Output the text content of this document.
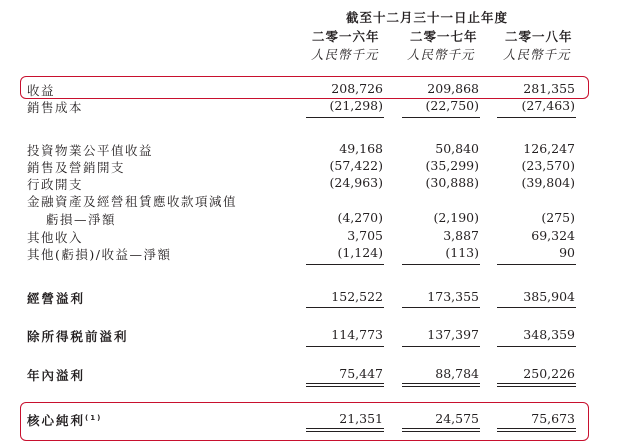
截至十二月三十一日止年度
二零一六年 二零一七年 二零一八年
人民幣千元 人民幣千元 人民幣千元
收益	208,726	209,868	281,355
銷售成本	(21,298)	(22,750)	(27,463)
投資物業公平值收益	49,168	50,840	126,247
銷售及營銷開支	(57,422)	(35,299)	(23,570)
行政開支	(24,963)	(30,888)	(39,804)
金融資產及經營租賃應收款項減值
虧損—淨額	(4,270)	(2,190)	(275)
其他收入	3,705	3,887	69,324
其他(虧損)/收益—淨額	(1,124)	(113)	90
經營溢利	152,522	173,355	385,904
除所得税前溢利	114,773	137,397	348,359
年內溢利	75,447	88,784	250,226
核心純利$^{(1)}$	21,351	24,575	75,673
